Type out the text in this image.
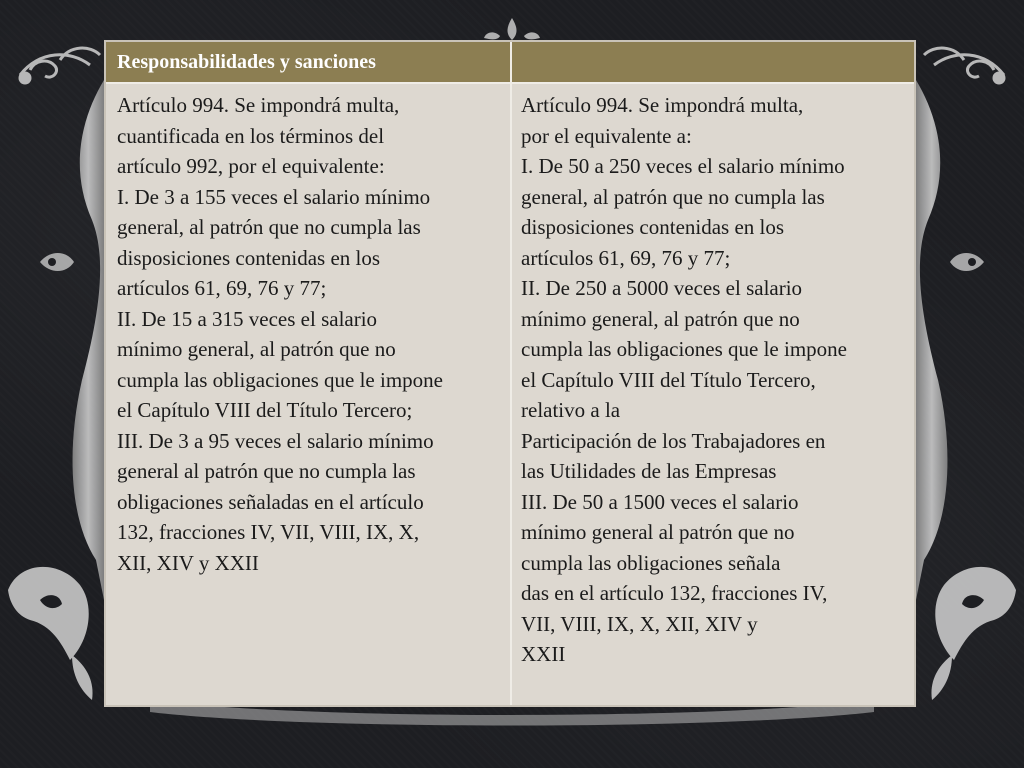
Responsabilidades y sanciones
Artículo 994. Se impondrá multa,
cuantificada en los términos del
artículo 992, por el equivalente:
I. De 3 a 155 veces el salario mínimo
general, al patrón que no cumpla las
disposiciones contenidas en los
artículos 61, 69, 76 y 77;
II. De 15 a 315 veces el salario
mínimo general, al patrón que no
cumpla las obligaciones que le impone
el Capítulo VIII del Título Tercero;
III. De 3 a 95 veces el salario mínimo
general al patrón que no cumpla las
obligaciones señaladas en el artículo
132, fracciones IV, VII, VIII, IX, X,
XII, XIV y XXII
Artículo 994. Se impondrá multa,
por el equivalente a:
I. De 50 a 250 veces el salario mínimo
general, al patrón que no cumpla las
disposiciones contenidas en los
artículos 61, 69, 76 y 77;
II. De 250 a 5000 veces el salario
mínimo general, al patrón que no
cumpla las obligaciones que le impone
el Capítulo VIII del Título Tercero,
relativo a la
Participación de los Trabajadores en
las Utilidades de las Empresas
III. De 50 a 1500 veces el salario
mínimo general al patrón que no
cumpla las obligaciones señala
das en el artículo 132, fracciones IV,
VII, VIII, IX, X, XII, XIV y
XXII
